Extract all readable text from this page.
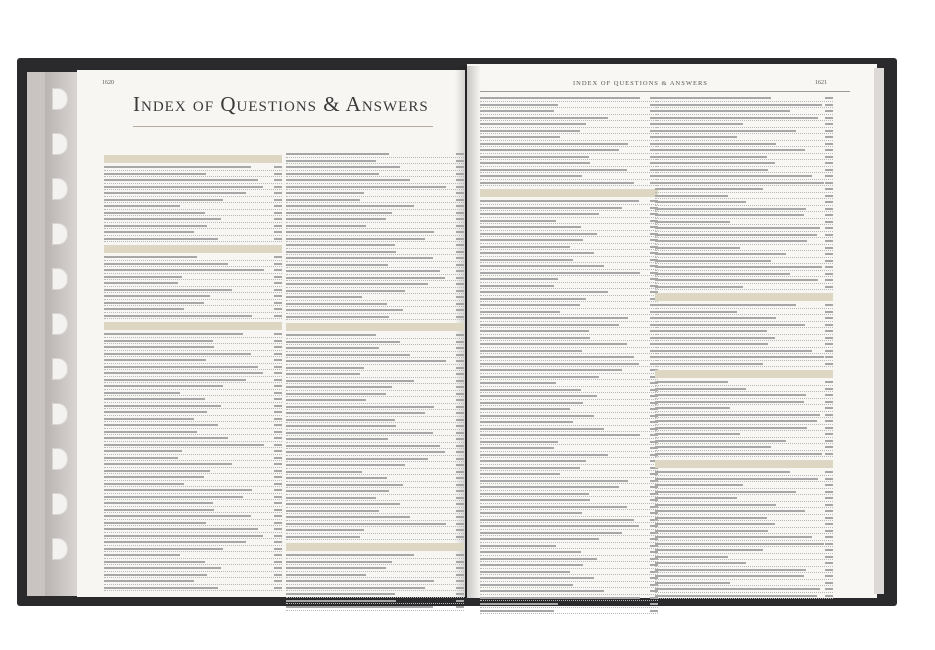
1620
Index of Questions & Answers
INDEX OF QUESTIONS & ANSWERS	1621
